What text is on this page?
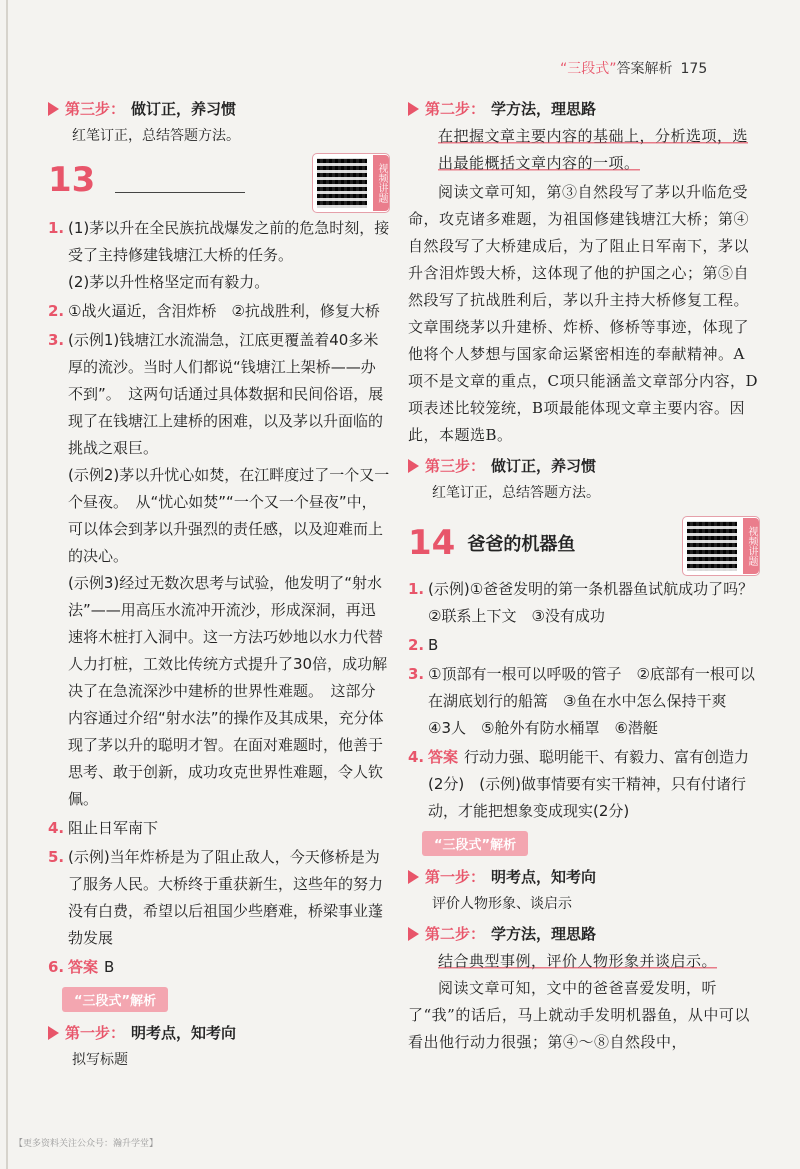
“三段式”答案解析 175
第三步： 做订正，养习惯
红笔订正，总结答题方法。
13	视频讲题
1. (1)茅以升在全民族抗战爆发之前的危急时刻，接受了主持修建钱塘江大桥的任务。
(2)茅以升性格坚定而有毅力。
2. ①战火逼近，含泪炸桥　②抗战胜利，修复大桥
3. (示例1)钱塘江水流湍急，江底更覆盖着40多米厚的流沙。当时人们都说“钱塘江上架桥——办不到”。　这两句话通过具体数据和民间俗语，展现了在钱塘江上建桥的困难，以及茅以升面临的挑战之艰巨。
(示例2)茅以升忧心如焚，在江畔度过了一个又一个昼夜。　从“忧心如焚”“一个又一个昼夜”中，可以体会到茅以升强烈的责任感，以及迎难而上的决心。
(示例3)经过无数次思考与试验，他发明了“射水法”——用高压水流冲开流沙，形成深洞，再迅速将木桩打入洞中。这一方法巧妙地以水力代替人力打桩，工效比传统方式提升了30倍，成功解决了在急流深沙中建桥的世界性难题。　这部分内容通过介绍“射水法”的操作及其成果，充分体现了茅以升的聪明才智。在面对难题时，他善于思考、敢于创新，成功攻克世界性难题，令人钦佩。
4. 阻止日军南下
5. (示例)当年炸桥是为了阻止敌人，今天修桥是为了服务人民。大桥终于重获新生，这些年的努力没有白费，希望以后祖国少些磨难，桥梁事业蓬勃发展
6. 答案 B
“三段式”解析
第一步： 明考点，知考向
拟写标题
第二步： 学方法，理思路
在把握文章主要内容的基础上，分析选项，选出最能概括文章内容的一项。
阅读文章可知，第③自然段写了茅以升临危受命，攻克诸多难题，为祖国修建钱塘江大桥；第④自然段写了大桥建成后，为了阻止日军南下，茅以升含泪炸毁大桥，这体现了他的护国之心；第⑤自然段写了抗战胜利后，茅以升主持大桥修复工程。文章围绕茅以升建桥、炸桥、修桥等事迹，体现了他将个人梦想与国家命运紧密相连的奉献精神。A项不是文章的重点，C项只能涵盖文章部分内容，D项表述比较笼统，B项最能体现文章主要内容。因此，本题选B。
第三步： 做订正，养习惯
红笔订正，总结答题方法。
14 爸爸的机器鱼	视频讲题
1. (示例)①爸爸发明的第一条机器鱼试航成功了吗？　②联系上下文　③没有成功
2. B
3. ①顶部有一根可以呼吸的管子　②底部有一根可以在湖底划行的船篙　③鱼在水中怎么保持干爽　④3人　⑤舱外有防水桶罩　⑥潜艇
4. 答案 行动力强、聪明能干、有毅力、富有创造力(2分)　(示例)做事情要有实干精神，只有付诸行动，才能把想象变成现实(2分)
“三段式”解析
第一步： 明考点，知考向
评价人物形象、谈启示
第二步： 学方法，理思路
结合典型事例，评价人物形象并谈启示。
阅读文章可知，文中的爸爸喜爱发明，听了“我”的话后，马上就动手发明机器鱼，从中可以看出他行动力很强；第④～⑧自然段中，
【更多资料关注公众号：瀚升学堂】
